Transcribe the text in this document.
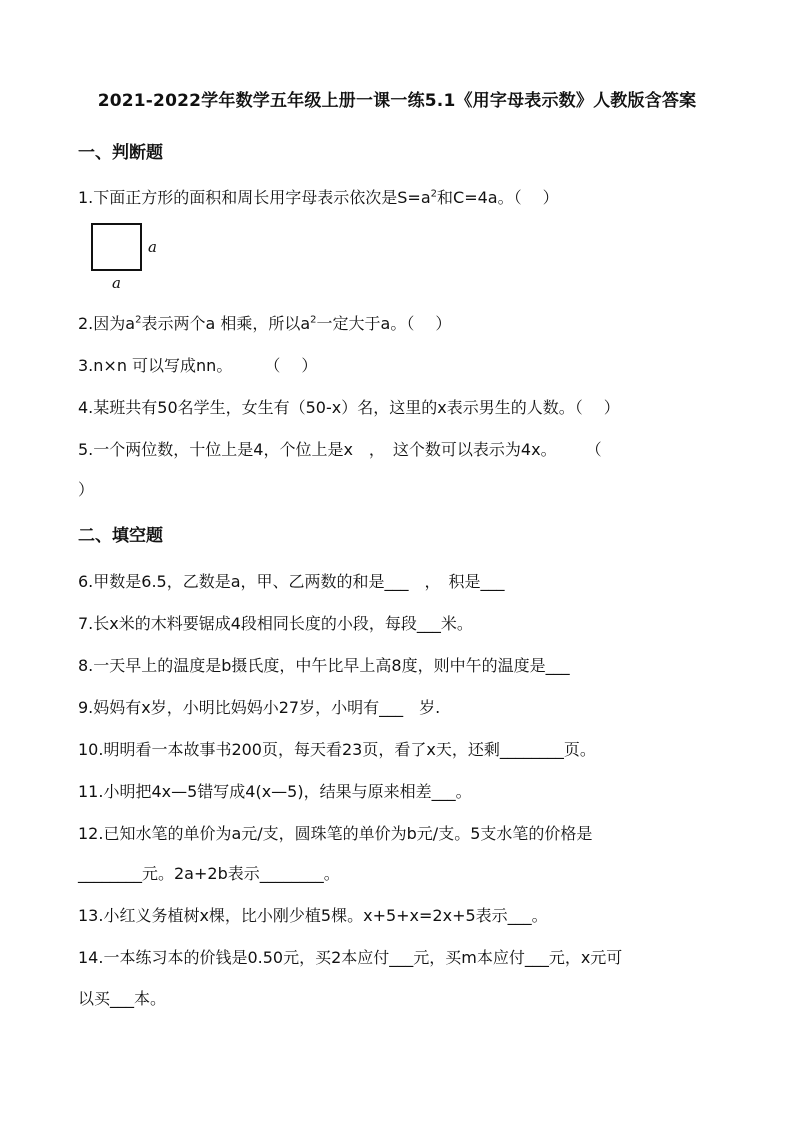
2021-2022学年数学五年级上册一课一练5.1《用字母表示数》人教版含答案
一、判断题
1.下面正方形的面积和周长用字母表示依次是$S=a^2$和C=4a。（　 ）
a
a
2.因为$a^2$表示两个a 相乘，所以$a^2$一定大于a。（　 ）
3.n×n 可以写成nn。　　　（　 ）
4.某班共有50名学生，女生有（50-x）名，这里的x表示男生的人数。（　 ）
5.一个两位数，十位上是4，个位上是x　，　这个数可以表示为4x。　　 （
）
二、填空题
6.甲数是6.5，乙数是a，甲、乙两数的和是___　，　积是___
7.长x米的木料要锯成4段相同长度的小段，每段___米。
8.一天早上的温度是b摄氏度，中午比早上高8度，则中午的温度是___
9.妈妈有x岁，小明比妈妈小27岁，小明有___　岁.
10.明明看一本故事书200页，每天看23页，看了x天，还剩________页。
11.小明把4x—5错写成4(x—5)，结果与原来相差___。
12.已知水笔的单价为a元/支，圆珠笔的单价为b元/支。5支水笔的价格是
________元。2a+2b表示________。
13.小红义务植树x棵，比小刚少植5棵。x+5+x=2x+5表示___。
14.一本练习本的价钱是0.50元，买2本应付___元，买m本应付___元，x元可
以买___本。
